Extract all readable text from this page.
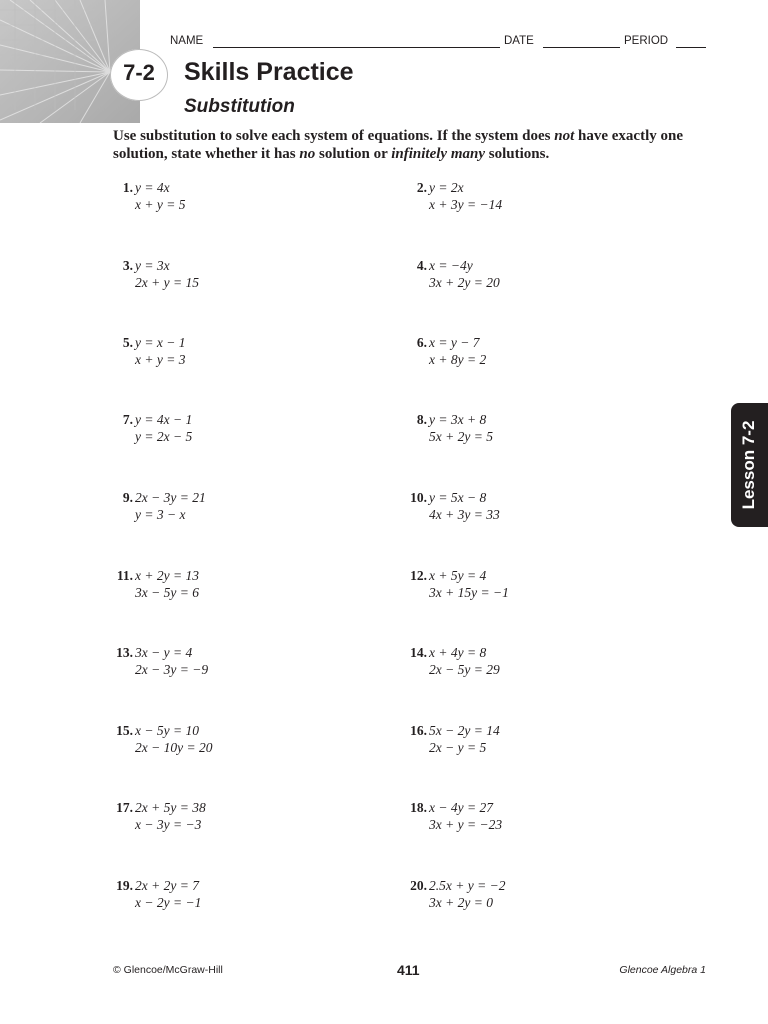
7-2
NAME	DATE	PERIOD
Skills Practice
Substitution
Use substitution to solve each system of equations. If the system does not have exactly one solution, state whether it has no solution or infinitely many solutions.
1. y = 4x
x + y = 5
2. y = 2x
x + 3y = −14
3. y = 3x
2x + y = 15
4. x = −4y
3x + 2y = 20
5. y = x − 1
x + y = 3
6. x = y − 7
x + 8y = 2
7. y = 4x − 1
y = 2x − 5
8. y = 3x + 8
5x + 2y = 5
9. 2x − 3y = 21
y = 3 − x
10. y = 5x − 8
4x + 3y = 33
11. x + 2y = 13
3x − 5y = 6
12. x + 5y = 4
3x + 15y = −1
13. 3x − y = 4
2x − 3y = −9
14. x + 4y = 8
2x − 5y = 29
15. x − 5y = 10
2x − 10y = 20
16. 5x − 2y = 14
2x − y = 5
17. 2x + 5y = 38
x − 3y = −3
18. x − 4y = 27
3x + y = −23
19. 2x + 2y = 7
x − 2y = −1
20. 2.5x + y = −2
3x + 2y = 0
Lesson 7-2
© Glencoe/McGraw-Hill	411	Glencoe Algebra 1
